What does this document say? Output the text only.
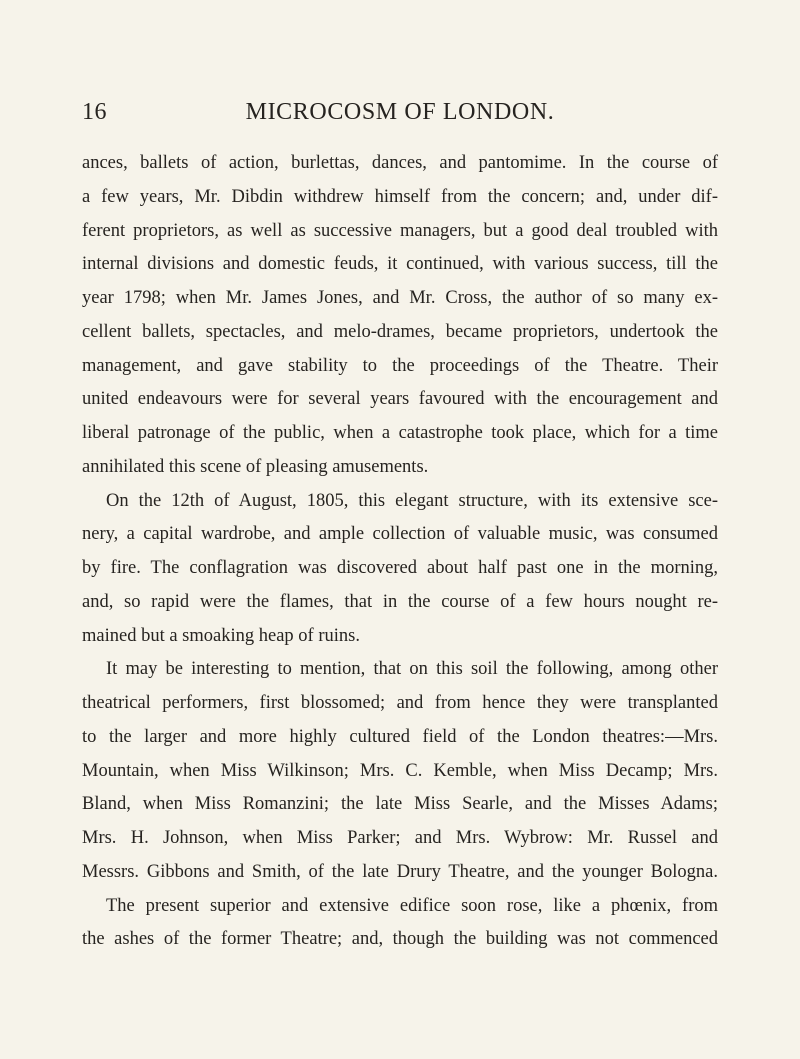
16	MICROCOSM OF LONDON.
ances, ballets of action, burlettas, dances, and pantomime. In the course of
a few years, Mr. Dibdin withdrew himself from the concern; and, under dif-
ferent proprietors, as well as successive managers, but a good deal troubled with
internal divisions and domestic feuds, it continued, with various success, till the
year 1798; when Mr. James Jones, and Mr. Cross, the author of so many ex-
cellent ballets, spectacles, and melo-drames, became proprietors, undertook the
management, and gave stability to the proceedings of the Theatre. Their
united endeavours were for several years favoured with the encouragement and
liberal patronage of the public, when a catastrophe took place, which for a time
annihilated this scene of pleasing amusements.
On the 12th of August, 1805, this elegant structure, with its extensive sce-
nery, a capital wardrobe, and ample collection of valuable music, was consumed
by fire. The conflagration was discovered about half past one in the morning,
and, so rapid were the flames, that in the course of a few hours nought re-
mained but a smoaking heap of ruins.
It may be interesting to mention, that on this soil the following, among other
theatrical performers, first blossomed; and from hence they were transplanted
to the larger and more highly cultured field of the London theatres:—Mrs.
Mountain, when Miss Wilkinson; Mrs. C. Kemble, when Miss Decamp; Mrs.
Bland, when Miss Romanzini; the late Miss Searle, and the Misses Adams;
Mrs. H. Johnson, when Miss Parker; and Mrs. Wybrow: Mr. Russel and
Messrs. Gibbons and Smith, of the late Drury Theatre, and the younger Bologna.
The present superior and extensive edifice soon rose, like a phœnix, from
the ashes of the former Theatre; and, though the building was not commenced
